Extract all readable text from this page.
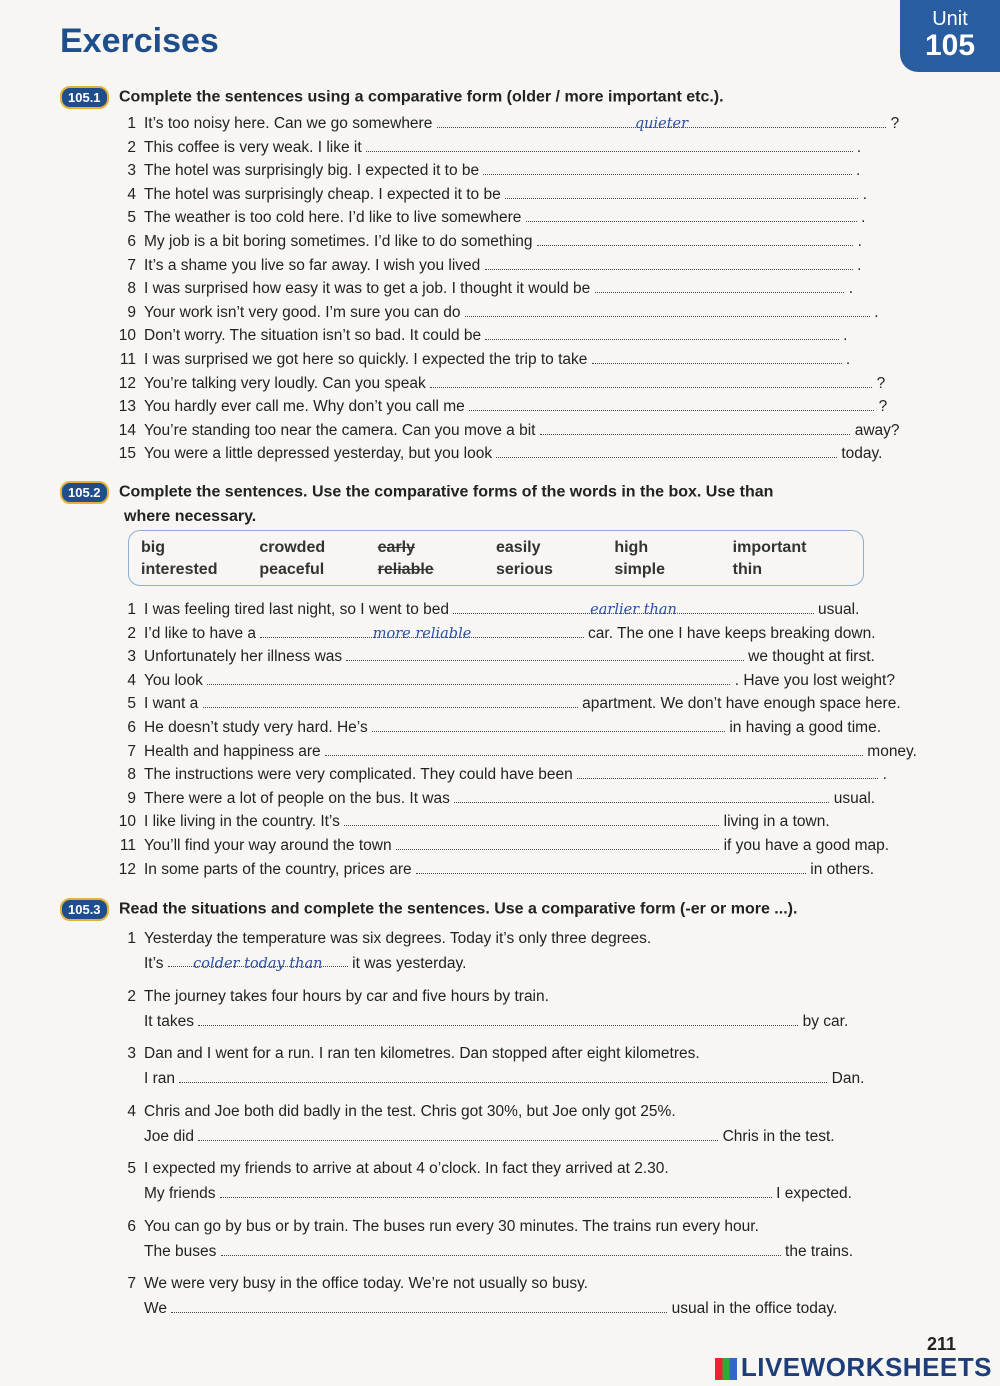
Exercises
Unit
105
105.1 Complete the sentences using a comparative form (older / more important etc.).
1 It’s too noisy here. Can we go somewhere	quieter	?
2 This coffee is very weak. I like it	.
3 The hotel was surprisingly big. I expected it to be	.
4 The hotel was surprisingly cheap. I expected it to be	.
5 The weather is too cold here. I’d like to live somewhere	.
6 My job is a bit boring sometimes. I’d like to do something	.
7 It’s a shame you live so far away. I wish you lived	.
8 I was surprised how easy it was to get a job. I thought it would be	.
9 Your work isn’t very good. I’m sure you can do	.
10 Don’t worry. The situation isn’t so bad. It could be	.
11 I was surprised we got here so quickly. I expected the trip to take	.
12 You’re talking very loudly. Can you speak	?
13 You hardly ever call me. Why don’t you call me	?
14 You’re standing too near the camera. Can you move a bit	away?
15 You were a little depressed yesterday, but you look	today.
105.2 Complete the sentences. Use the comparative forms of the words in the box. Use than
where necessary.
big	crowded	early	easily	high	important
interested	peaceful	reliable	serious	simple	thin
1 I was feeling tired last night, so I went to bed	earlier than	usual.
2 I’d like to have a	more reliable	car. The one I have keeps breaking down.
3 Unfortunately her illness was	we thought at first.
4 You look	. Have you lost weight?
5 I want a	apartment. We don’t have enough space here.
6 He doesn’t study very hard. He’s	in having a good time.
7 Health and happiness are	money.
8 The instructions were very complicated. They could have been	.
9 There were a lot of people on the bus. It was	usual.
10 I like living in the country. It’s	living in a town.
11 You’ll find your way around the town	if you have a good map.
12 In some parts of the country, prices are	in others.
105.3 Read the situations and complete the sentences. Use a comparative form (-er or more ...).
1 Yesterday the temperature was six degrees. Today it’s only three degrees.
It’s colder today than it was yesterday.
2 The journey takes four hours by car and five hours by train.
It takes	by car.
3 Dan and I went for a run. I ran ten kilometres. Dan stopped after eight kilometres.
I ran	Dan.
4 Chris and Joe both did badly in the test. Chris got 30%, but Joe only got 25%.
Joe did	Chris in the test.
5 I expected my friends to arrive at about 4 o’clock. In fact they arrived at 2.30.
My friends	I expected.
6 You can go by bus or by train. The buses run every 30 minutes. The trains run every hour.
The buses	the trains.
7 We were very busy in the office today. We’re not usually so busy.
We	usual in the office today.
211
LIVEWORKSHEETS
